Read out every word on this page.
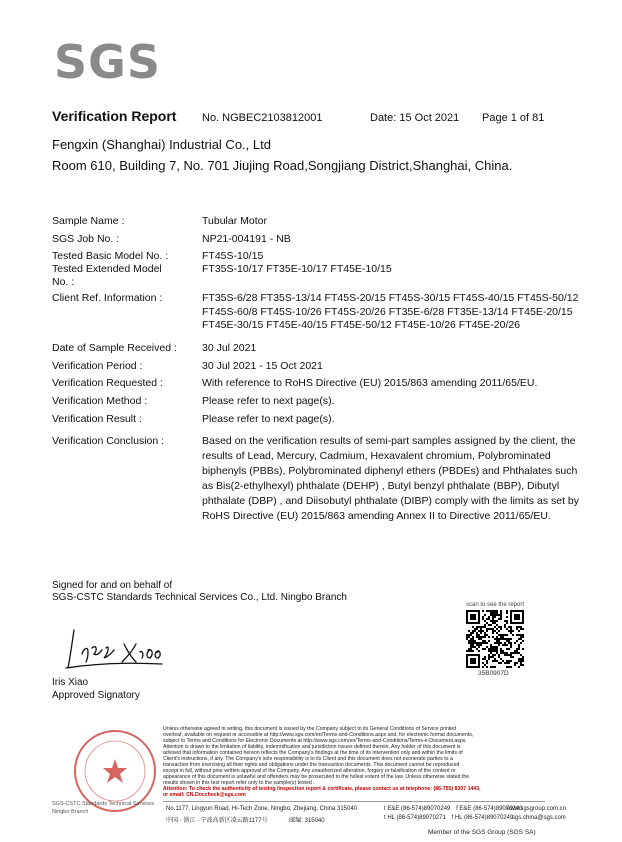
SGS
Verification Report No. NGBEC2103812001	Date: 15 Oct 2021 Page 1 of 81
Fengxin (Shanghai) Industrial Co., Ltd
Room 610, Building 7, No. 701 Jiujing Road,Songjiang District,Shanghai, China.
Sample Name :	Tubular Motor
SGS Job No. :	NP21-004191 - NB
Tested Basic Model No. :	FT45S-10/15
Tested Extended Model
No. :
FT35S-10/17 FT35E-10/17 FT45E-10/15
Client Ref. Information :	FT35S-6/28 FT35S-13/14 FT45S-20/15 FT45S-30/15 FT45S-40/15 FT45S-50/12
FT45S-60/8 FT45S-10/26 FT45S-20/26 FT35E-6/28 FT35E-13/14 FT45E-20/15
FT45E-30/15 FT45E-40/15 FT45E-50/12 FT45E-10/26 FT45E-20/26
Date of Sample Received :	30 Jul 2021
Verification Period :	30 Jul 2021 - 15 Oct 2021
Verification Requested :	With reference to RoHS Directive (EU) 2015/863 amending 2011/65/EU.
Verification Method :	Please refer to next page(s).
Verification Result :	Please refer to next page(s).
Verification Conclusion :	Based on the verification results of semi-part samples assigned by the client, the
results of Lead, Mercury, Cadmium, Hexavalent chromium, Polybrominated
biphenyls (PBBs), Polybrominated diphenyl ethers (PBDEs) and Phthalates such
as Bis(2-ethylhexyl) phthalate (DEHP) , Butyl benzyl phthalate (BBP), Dibutyl
phthalate (DBP) , and Diisobutyl phthalate (DIBP) comply with the limits as set by
RoHS Directive (EU) 2015/863 amending Annex II to Directive 2011/65/EU.
Signed for and on behalf of
SGS-CSTC Standards Technical Services Co., Ltd. Ningbo Branch
Iris Xiao
Approved Signatory
scan to see the report
35B0907D
Unless otherwise agreed in writing, this document is issued by the Company subject to its General Conditions of Service printed
overleaf, available on request or accessible at http://www.sgs.com/en/Terms-and-Conditions.aspx and, for electronic format documents,
subject to Terms and Conditions for Electronic Documents at http://www.sgs.com/en/Terms-and-Conditions/Terms-e-Document.aspx.
Attention is drawn to the limitation of liability, indemnification and jurisdiction issues defined therein. Any holder of this document is
advised that information contained hereon reflects the Company's findings at the time of its intervention only and within the limits of
Client's instructions, if any. The Company's sole responsibility is to its Client and this document does not exonerate parties to a
transaction from exercising all their rights and obligations under the transaction documents. This document cannot be reproduced
except in full, without prior written approval of the Company. Any unauthorized alteration, forgery or falsification of the content or
appearance of this document is unlawful and offenders may be prosecuted to the fullest extent of the law. Unless otherwise stated the
results shown in this test report refer only to the sample(s) tested .
Attention: To check the authenticity of testing /inspection report & certificate, please contact us at telephone: (86-755) 8307 1443,
or email: CN.Doccheck@sgs.com
SGS-CSTC Standards Technical Services
Ningbo Branch	No.1177, Lingyun Road, Hi-Tech Zone, Ningbo, Zhejiang, China 315040
中国 · 浙江 · 宁波高新区凌云路1177号	邮编: 315040
t E&E (86-574)89070249 f E&E (86-574)89070240
t HL (86-574)89070271 f HL (86-574)89070249
www.sgsgroup.com.cn
sgs.china@sgs.com
Member of the SGS Group (SGS SA)
